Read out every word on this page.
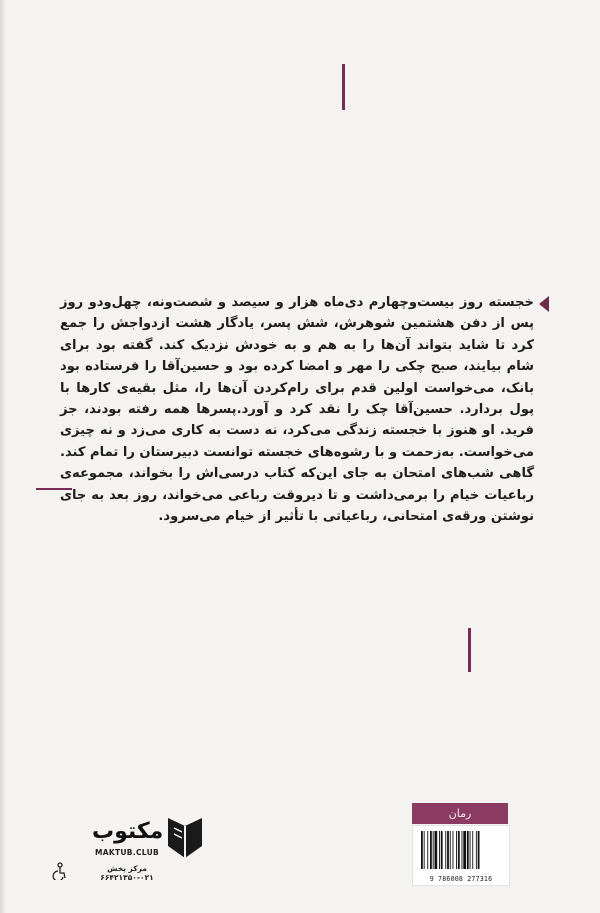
خجسته روز بیست‌وچهارم دی‌ماه هزار و سیصد و شصت‌ونه، چهل‌ودو روز پس از دفن هشتمین شوهرش، شش پسر، یادگار هشت ازدواجش را جمع کرد تا شاید بتواند آن‌ها را به هم و به خودش نزدیک کند. گفته بود برای شام بیایند، صبح چکی را مهر و امضا کرده بود و حسین‌آقا را فرستاده بود بانک، می‌خواست اولین قدم برای رام‌کردن آن‌ها را، مثل بقیه‌ی کارها با پول بردارد. حسین‌آقا چک را نقد کرد و آورد.پسرها همه رفته بودند، جز فرید. او هنوز با خجسته زندگی می‌کرد، نه دست به کاری می‌زد و نه چیزی می‌خواست. به‌زحمت و با رشوه‌های خجسته توانست دبیرستان را تمام کند. گاهی شب‌های امتحان به جای این‌که کتاب درسی‌اش را بخواند، مجموعه‌ی رباعیات خیام را برمی‌داشت و تا دیروقت رباعی می‌خواند، روز بعد به جای نوشتن ورقه‌ی امتحانی، رباعیاتی با تأثیر از خیام می‌سرود.
رمان
9 786008 277316
مکتوب
MAKTUB.CLUB
مرکز پخش ۰۲۱-۶۶۴۲۱۳۵۰
